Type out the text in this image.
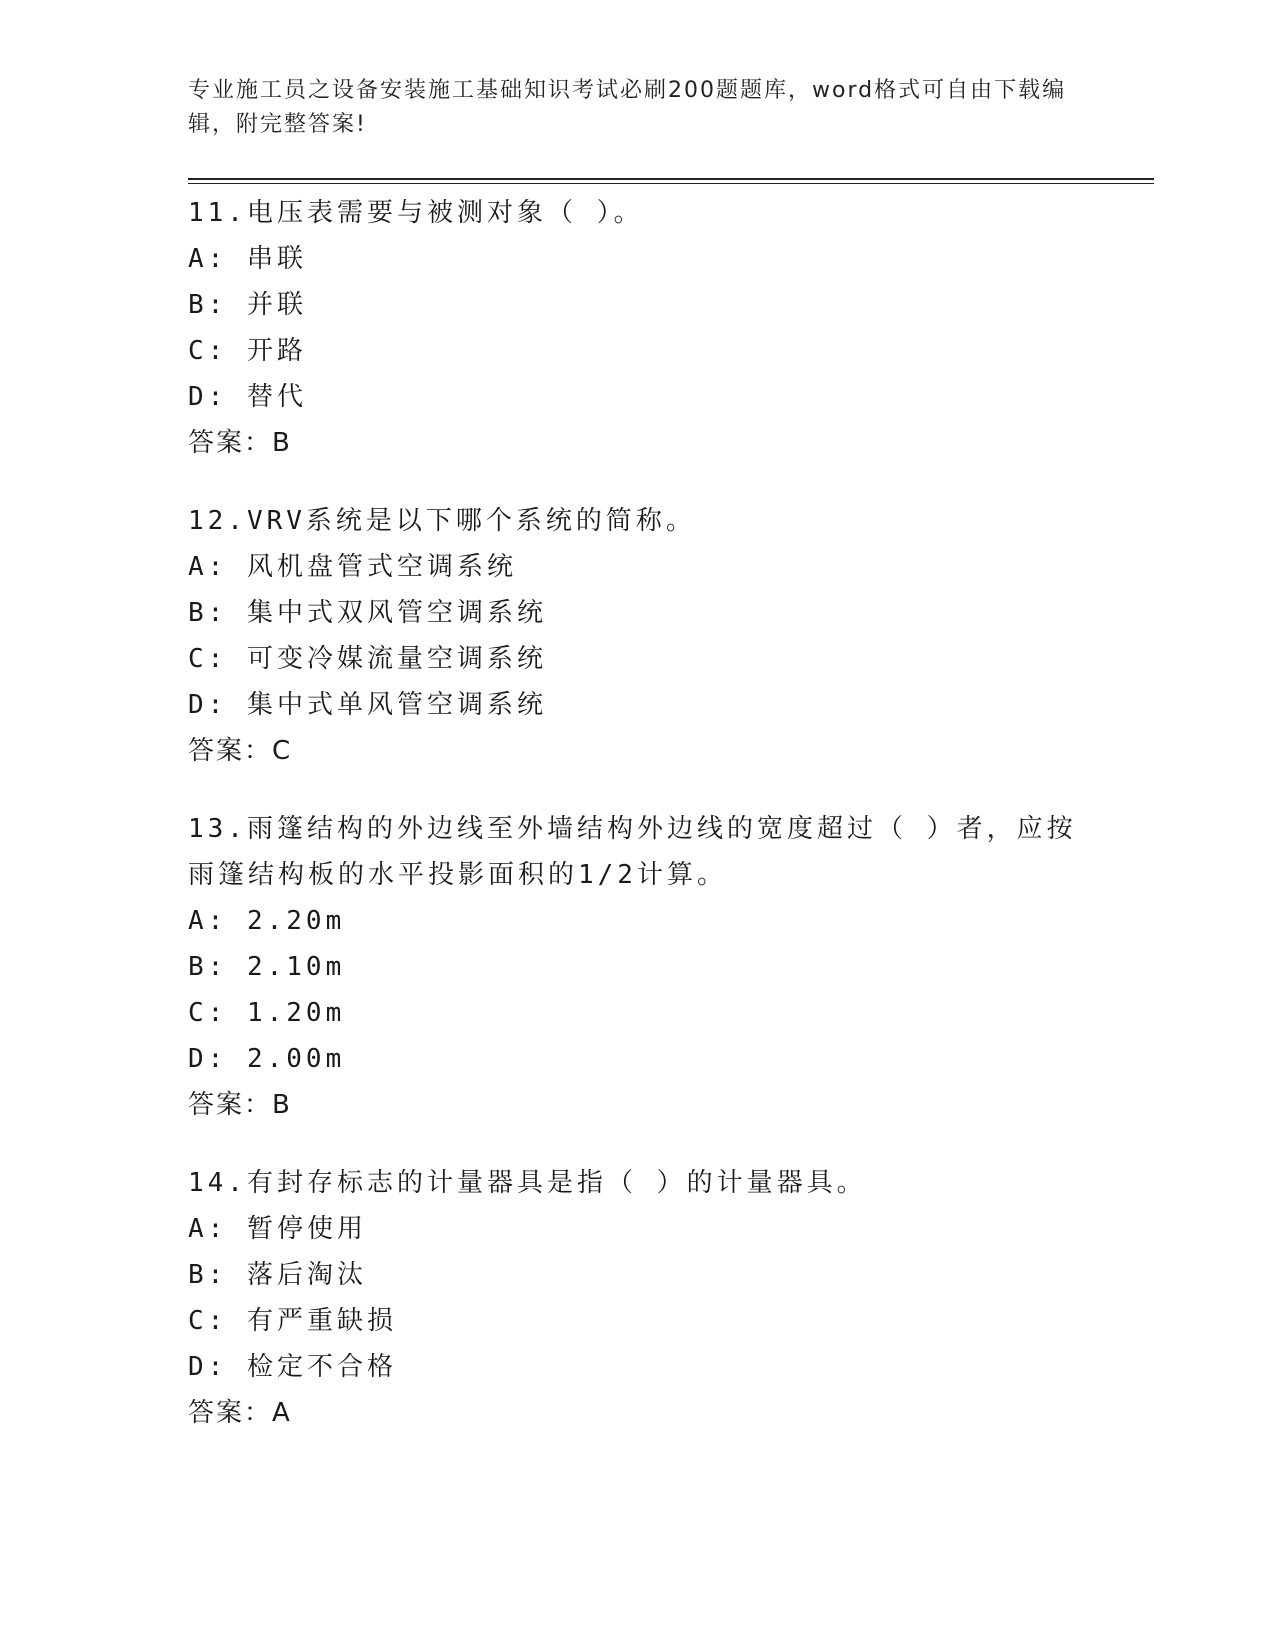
专业施工员之设备安装施工基础知识考试必刷200题题库，word格式可自由下载编辑，附完整答案!

11.电压表需要与被测对象（ ）。

A: 串联

B: 并联

C: 开路

D: 替代

答案：B

12.VRV系统是以下哪个系统的简称。

A: 风机盘管式空调系统

B: 集中式双风管空调系统

C: 可变冷媒流量空调系统

D: 集中式单风管空调系统

答案：C

13.雨篷结构的外边线至外墙结构外边线的宽度超过（ ）者，应按雨篷结构板的水平投影面积的1/2计算。

A: 2.20m

B: 2.10m

C: 1.20m

D: 2.00m

答案：B

14.有封存标志的计量器具是指（ ）的计量器具。

A: 暂停使用

B: 落后淘汰

C: 有严重缺损

D: 检定不合格

答案：A
